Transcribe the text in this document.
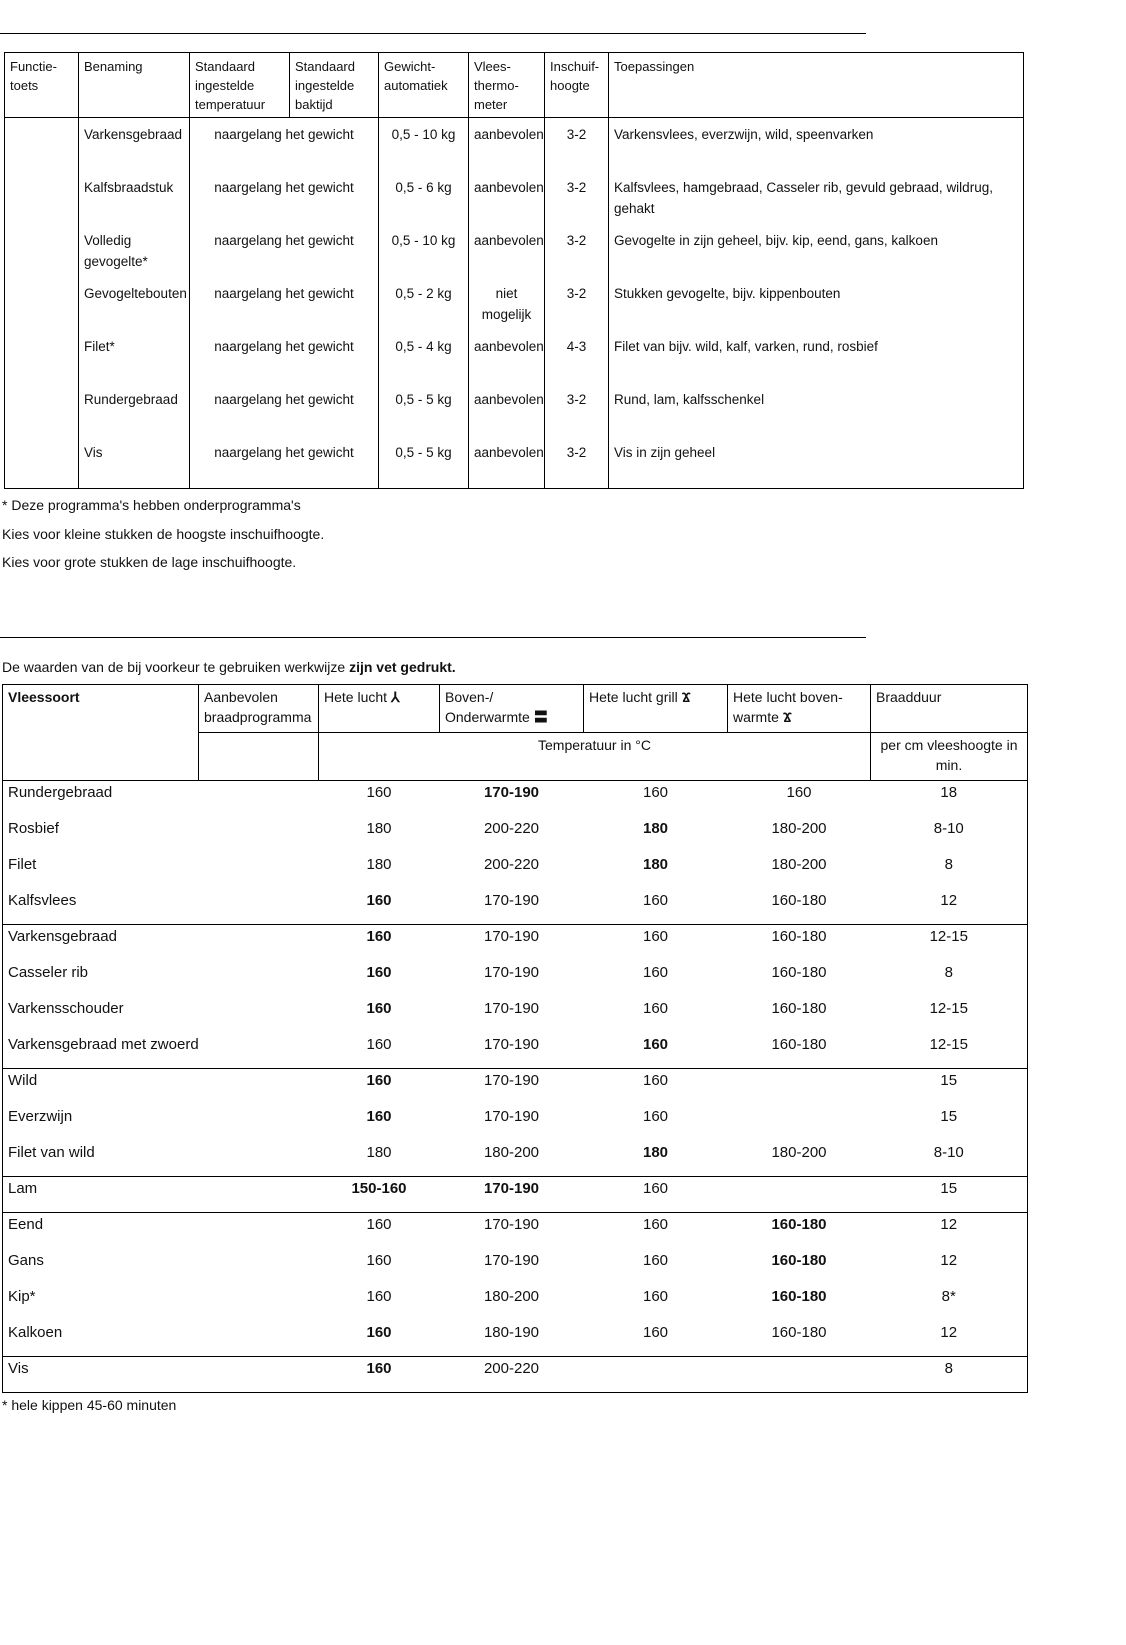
Functie-
toets	Benaming	Standaard
ingestelde
temperatuur	Standaard
ingestelde
baktijd	Gewicht-
automatiek	Vlees-
thermo-
meter	Inschuif-
hoogte	Toepassingen
	Varkensgebraad	naargelang het gewicht		0,5 - 10 kg	aanbevolen	3-2	Varkensvlees, everzwijn, wild, speenvarken
	Kalfsbraadstuk	naargelang het gewicht		0,5 - 6 kg	aanbevolen	3-2	Kalfsvlees, hamgebraad, Casseler rib, gevuld gebraad, wildrug, gehakt
	Volledig gevogelte*	naargelang het gewicht		0,5 - 10 kg	aanbevolen	3-2	Gevogelte in zijn geheel, bijv. kip, eend, gans, kalkoen
	Gevogeltebouten	naargelang het gewicht		0,5 - 2 kg	niet mogelijk	3-2	Stukken gevogelte, bijv. kippenbouten
	Filet*	naargelang het gewicht		0,5 - 4 kg	aanbevolen	4-3	Filet van bijv. wild, kalf, varken, rund, rosbief
	Rundergebraad	naargelang het gewicht		0,5 - 5 kg	aanbevolen	3-2	Rund, lam, kalfsschenkel
	Vis	naargelang het gewicht		0,5 - 5 kg	aanbevolen	3-2	Vis in zijn geheel
* Deze programma's hebben onderprogramma's
Kies voor kleine stukken de hoogste inschuifhoogte.
Kies voor grote stukken de lage inschuifhoogte.
De waarden van de bij voorkeur te gebruiken werkwijze zijn vet gedrukt.
Vleessoort	Aanbevolen braadprogramma	Hete lucht ⅄	Boven-/ Onderwarmte 〓	Hete lucht grill Ϫ	Hete lucht boven-warmte Ϫ	Braadduur
		Temperatuur in °C				per cm vleeshoogte in min.
Rundergebraad		160	170-190	160	160	18
Rosbief		180	200-220	180	180-200	8-10
Filet		180	200-220	180	180-200	8
Kalfsvlees		160	170-190	160	160-180	12
Varkensgebraad		160	170-190	160	160-180	12-15
Casseler rib		160	170-190	160	160-180	8
Varkensschouder		160	170-190	160	160-180	12-15
Varkensgebraad met zwoerd		160	170-190	160	160-180	12-15
Wild		160	170-190	160		15
Everzwijn		160	170-190	160		15
Filet van wild		180	180-200	180	180-200	8-10
Lam		150-160	170-190	160		15
Eend		160	170-190	160	160-180	12
Gans		160	170-190	160	160-180	12
Kip*		160	180-200	160	160-180	8*
Kalkoen		160	180-190	160	160-180	12
Vis		160	200-220			8
* hele kippen 45-60 minuten
